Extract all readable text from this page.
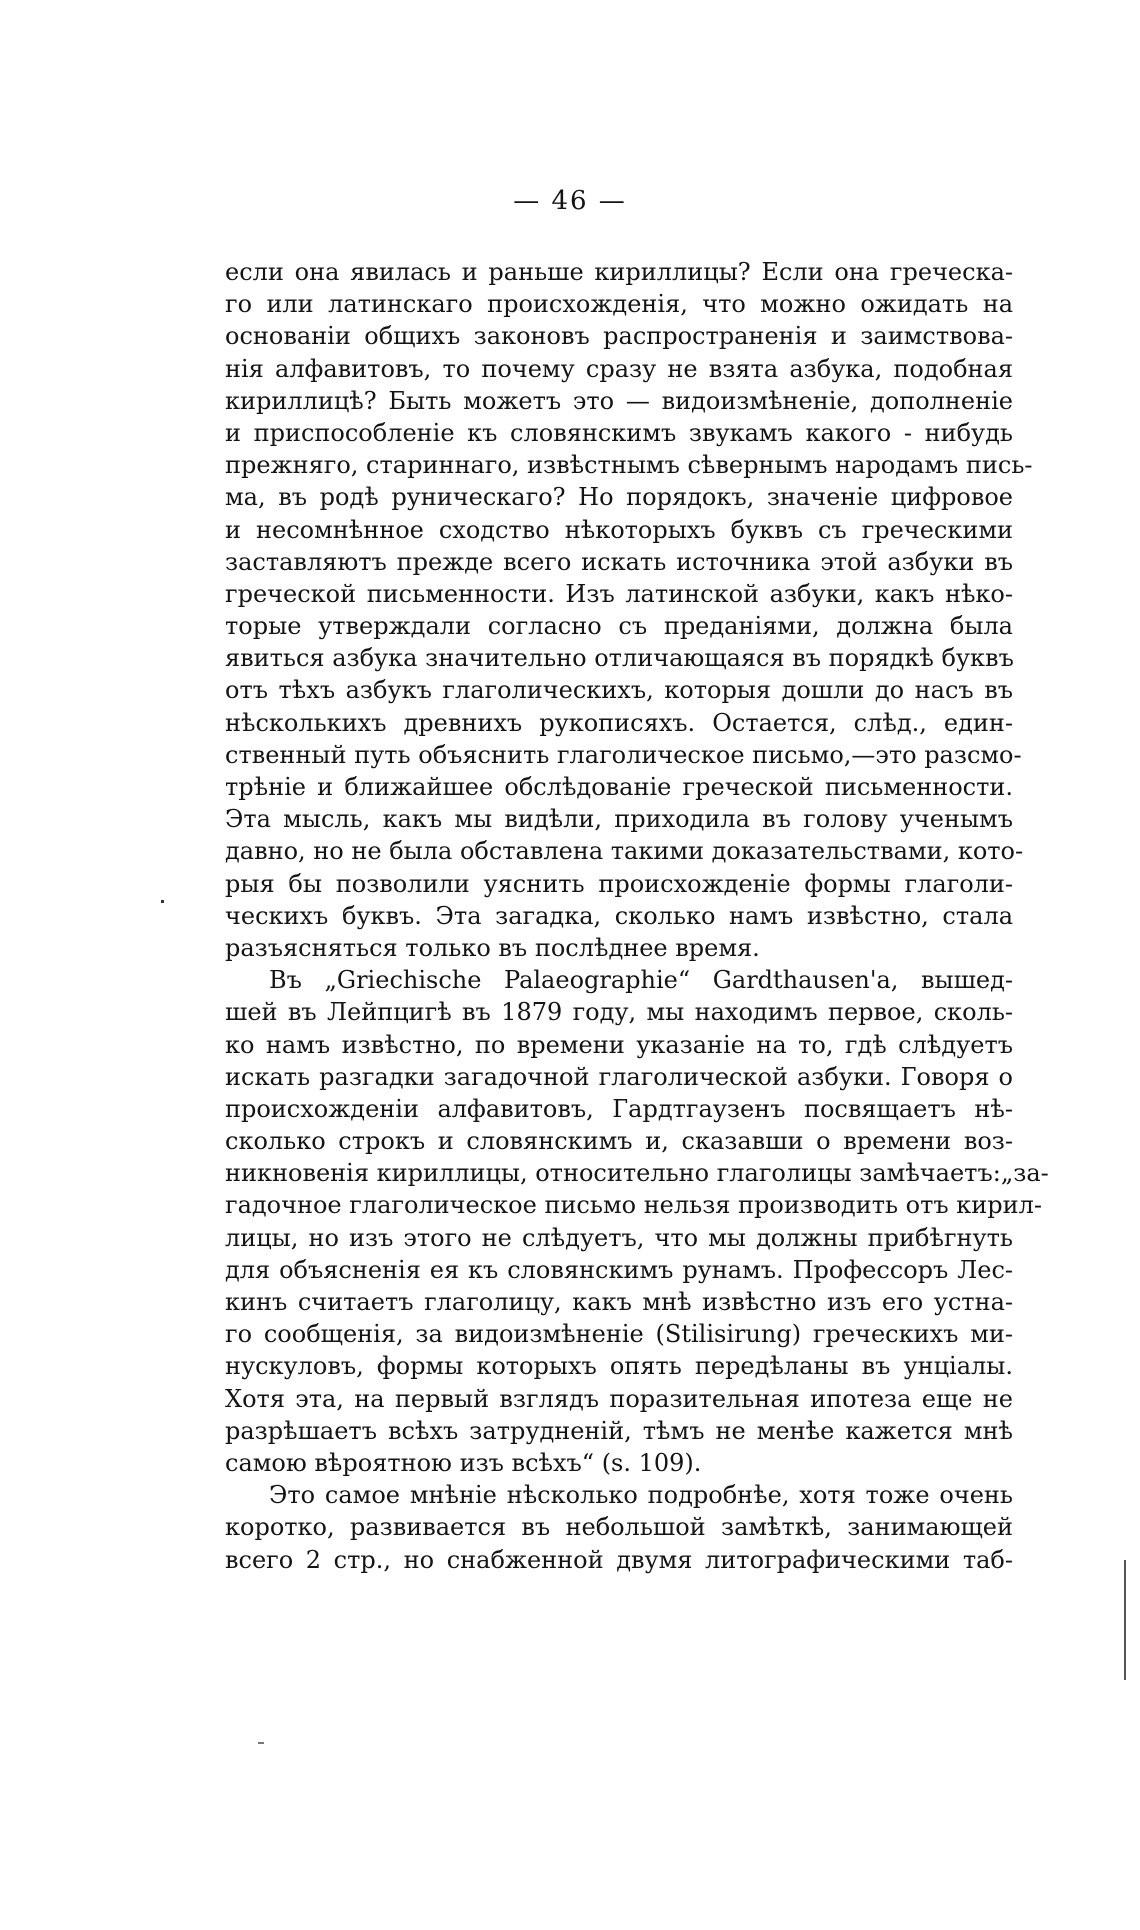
— 46 —
если она явилась и раньше кириллицы? Если она греческа-
го или латинскаго происхожденія, что можно ожидать на
основаніи общихъ законовъ распространенія и заимствова-
нія алфавитовъ, то почему сразу не взята азбука, подобная
кириллицѣ? Быть можетъ это — видоизмѣненіе, дополненіе
и приспособленіе къ словянскимъ звукамъ какого - нибудь
прежняго, стариннаго, извѣстнымъ сѣвернымъ народамъ пись-
ма, въ родѣ руническаго? Но порядокъ, значеніе цифровое
и несомнѣнное сходство нѣкоторыхъ буквъ съ греческими
заставляютъ прежде всего искать источника этой азбуки въ
греческой письменности. Изъ латинской азбуки, какъ нѣко-
торые утверждали согласно съ преданіями, должна была
явиться азбука значительно отличающаяся въ порядкѣ буквъ
отъ тѣхъ азбукъ глаголическихъ, которыя дошли до насъ въ
нѣсколькихъ древнихъ рукописяхъ. Остается, слѣд., един-
ственный путь объяснить глаголическое письмо,—это разсмо-
трѣніе и ближайшее обслѣдованіе греческой письменности.
Эта мысль, какъ мы видѣли, приходила въ голову ученымъ
давно, но не была обставлена такими доказательствами, кото-
рыя бы позволили уяснить происхожденіе формы глаголи-
ческихъ буквъ. Эта загадка, сколько намъ извѣстно, стала
разъясняться только въ послѣднее время.
Въ „Griechische Palaeographie“ Gardthausen'a, вышед-
шей въ Лейпцигѣ въ 1879 году, мы находимъ первое, сколь-
ко намъ извѣстно, по времени указаніе на то, гдѣ слѣдуетъ
искать разгадки загадочной глаголической азбуки. Говоря о
происхожденіи алфавитовъ, Гардтгаузенъ посвящаетъ нѣ-
сколько строкъ и словянскимъ и, сказавши о времени воз-
никновенія кириллицы, относительно глаголицы замѣчаетъ:„за-
гадочное глаголическое письмо нельзя производить отъ кирил-
лицы, но изъ этого не слѣдуетъ, что мы должны прибѣгнуть
для объясненія ея къ словянскимъ рунамъ. Профессоръ Лес-
кинъ считаетъ глаголицу, какъ мнѣ извѣстно изъ его устна-
го сообщенія, за видоизмѣненіе (Stilisirung) греческихъ ми-
нускуловъ, формы которыхъ опять передѣланы въ унціалы.
Хотя эта, на первый взглядъ поразительная ипотеза еще не
разрѣшаетъ всѣхъ затрудненій, тѣмъ не менѣе кажется мнѣ
самою вѣроятною изъ всѣхъ“ (s. 109).
Это самое мнѣніе нѣсколько подробнѣе, хотя тоже очень
коротко, развивается въ небольшой замѣткѣ, занимающей
всего 2 стр., но снабженной двумя литографическими таб-
